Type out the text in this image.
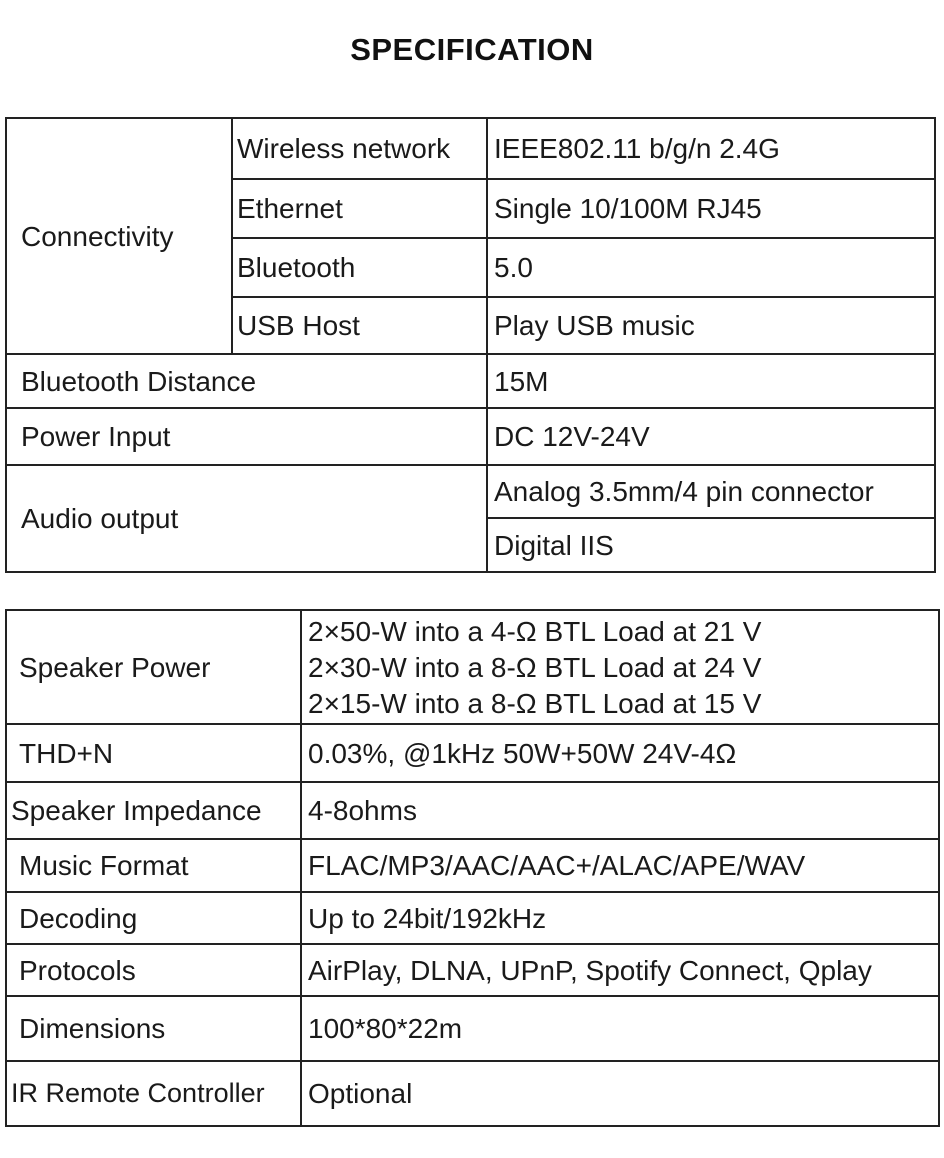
SPECIFICATION
Connectivity
Wireless network	IEEE802.11 b/g/n 2.4G
Ethernet	Single 10/100M RJ45
Bluetooth	5.0
USB Host	Play USB music
Bluetooth Distance	15M
Power Input	DC 12V-24V
Audio output
Analog 3.5mm/4 pin connector
Digital IIS
Speaker Power
2×50-W into a 4-Ω BTL Load at 21 V
2×30-W into a 8-Ω BTL Load at 24 V
2×15-W into a 8-Ω BTL Load at 15 V
THD+N	0.03%, @1kHz 50W+50W 24V-4Ω
Speaker Impedance	4-8ohms
Music Format	FLAC/MP3/AAC/AAC+/ALAC/APE/WAV
Decoding	Up to 24bit/192kHz
Protocols	AirPlay, DLNA, UPnP, Spotify Connect, Qplay
Dimensions	100*80*22m
IR Remote Controller	Optional
